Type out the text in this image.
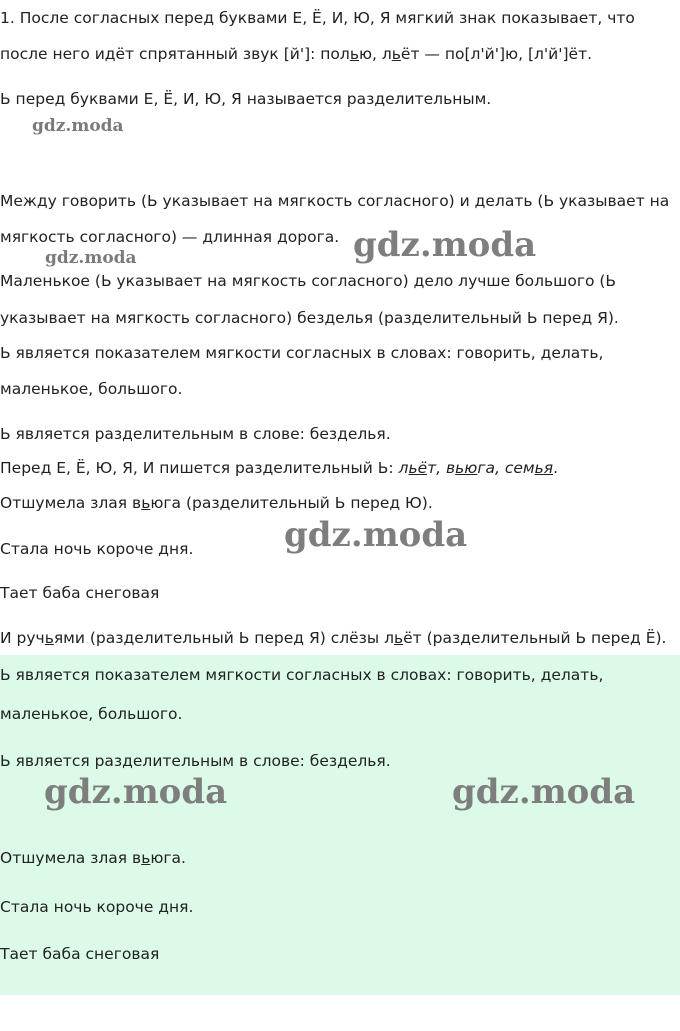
1. После согласных перед буквами Е, Ё, И, Ю, Я мягкий знак показывает, что
после него идёт спрятанный звук [й']: полью, льёт — по[л'й']ю, [л'й']ёт.
Ь перед буквами Е, Ё, И, Ю, Я называется разделительным.
Между говорить (Ь указывает на мягкость согласного) и делать (Ь указывает на
мягкость согласного) — длинная дорога.
Маленькое (Ь указывает на мягкость согласного) дело лучше большого (Ь
указывает на мягкость согласного) безделья (разделительный Ь перед Я).
Ь является показателем мягкости согласных в словах: говорить, делать,
маленькое, большого.
Ь является разделительным в слове: безделья.
Перед Е, Ё, Ю, Я, И пишется разделительный Ь: льёт, вьюга, семья.
Отшумела злая вьюга (разделительный Ь перед Ю).
Стала ночь короче дня.
Тает баба снеговая
И ручьями (разделительный Ь перед Я) слёзы льёт (разделительный Ь перед Ё).
Ь является показателем мягкости согласных в словах: говорить, делать,
маленькое, большого.
Ь является разделительным в слове: безделья.
Отшумела злая вьюга.
Стала ночь короче дня.
Тает баба снеговая
gdz.moda
gdz.moda	gdz.moda
gdz.moda
gdz.moda	gdz.moda
